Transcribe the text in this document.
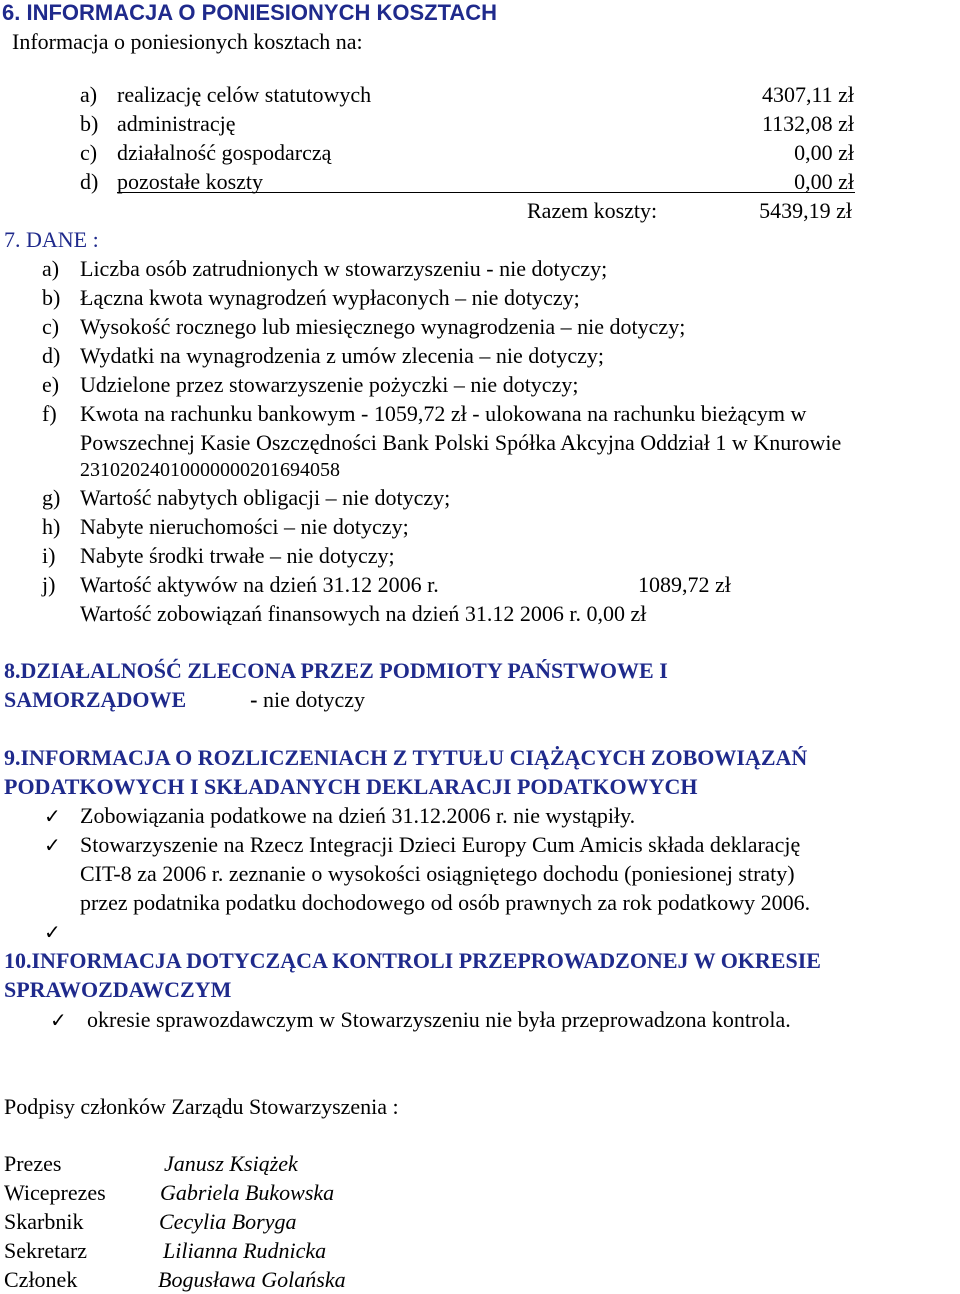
6. INFORMACJA O PONIESIONYCH KOSZTACH
Informacja o poniesionych kosztach na:
a) realizację celów statutowych	4307,11 zł
b) administrację	1132,08 zł
c) działalność gospodarczą	0,00 zł
d) pozostałe koszty	0,00 zł
Razem koszty:	5439,19 zł
7. DANE :
a) Liczba osób zatrudnionych w stowarzyszeniu - nie dotyczy;
b) Łączna kwota wynagrodzeń wypłaconych – nie dotyczy;
c) Wysokość rocznego lub miesięcznego wynagrodzenia – nie dotyczy;
d) Wydatki na wynagrodzenia z umów zlecenia – nie dotyczy;
e) Udzielone przez stowarzyszenie pożyczki – nie dotyczy;
f) Kwota na rachunku bankowym - 1059,72 zł - ulokowana na rachunku bieżącym w
Powszechnej Kasie Oszczędności Bank Polski Spółka Akcyjna Oddział 1 w Knurowie
23102024010000000201694058
g) Wartość nabytych obligacji – nie dotyczy;
h) Nabyte nieruchomości – nie dotyczy;
i) Nabyte środki trwałe – nie dotyczy;
j) Wartość aktywów na dzień 31.12 2006 r.	1089,72 zł
Wartość zobowiązań finansowych na dzień 31.12 2006 r. 0,00 zł
8.DZIAŁALNOŚĆ ZLECONA PRZEZ PODMIOTY PAŃSTWOWE I
SAMORZĄDOWE	- nie dotyczy
9.INFORMACJA O ROZLICZENIACH Z TYTUŁU CIĄŻĄCYCH ZOBOWIĄZAŃ
PODATKOWYCH I SKŁADANYCH DEKLARACJI PODATKOWYCH
✓ Zobowiązania podatkowe na dzień 31.12.2006 r. nie wystąpiły.
✓ Stowarzyszenie na Rzecz Integracji Dzieci Europy Cum Amicis składa deklarację
CIT-8 za 2006 r. zeznanie o wysokości osiągniętego dochodu (poniesionej straty)
przez podatnika podatku dochodowego od osób prawnych za rok podatkowy 2006.
✓
10.INFORMACJA DOTYCZĄCA KONTROLI PRZEPROWADZONEJ W OKRESIE
SPRAWOZDAWCZYM
✓ okresie sprawozdawczym w Stowarzyszeniu nie była przeprowadzona kontrola.
Podpisy członków Zarządu Stowarzyszenia :
Prezes	Janusz Książek
Wiceprezes Gabriela Bukowska
Skarbnik	Cecylia Boryga
Sekretarz	Lilianna Rudnicka
Członek	Bogusława Golańska
